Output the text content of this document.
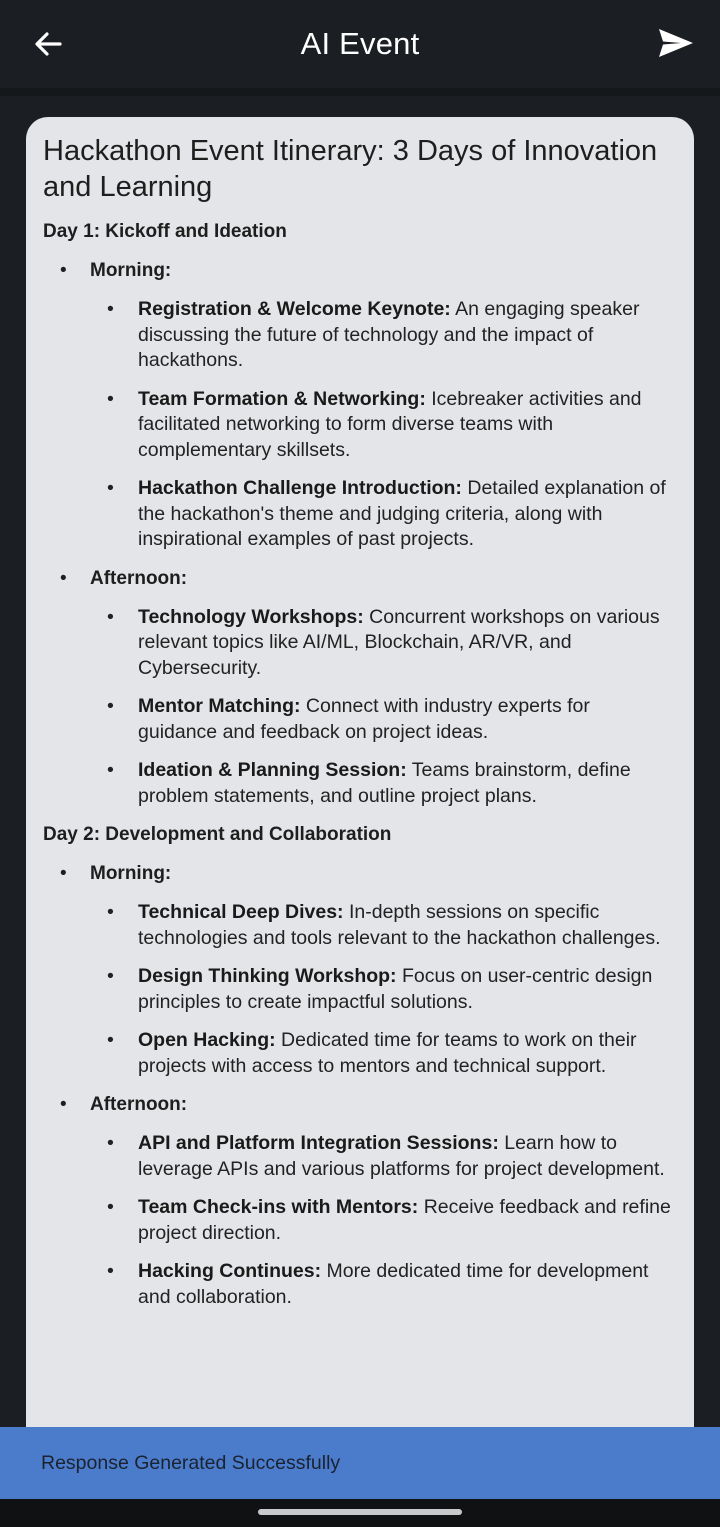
AI Event
Hackathon Event Itinerary: 3 Days of Innovation and Learning
Day 1: Kickoff and Ideation
• Morning:
• Registration & Welcome Keynote: An engaging speaker discussing the future of technology and the impact of hackathons.
• Team Formation & Networking: Icebreaker activities and facilitated networking to form diverse teams with complementary skillsets.
• Hackathon Challenge Introduction: Detailed explanation of the hackathon's theme and judging criteria, along with inspirational examples of past projects.
• Afternoon:
• Technology Workshops: Concurrent workshops on various relevant topics like AI/ML, Blockchain, AR/VR, and Cybersecurity.
• Mentor Matching: Connect with industry experts for guidance and feedback on project ideas.
• Ideation & Planning Session: Teams brainstorm, define problem statements, and outline project plans.
Day 2: Development and Collaboration
• Morning:
• Technical Deep Dives: In-depth sessions on specific technologies and tools relevant to the hackathon challenges.
• Design Thinking Workshop: Focus on user-centric design principles to create impactful solutions.
• Open Hacking: Dedicated time for teams to work on their projects with access to mentors and technical support.
• Afternoon:
• API and Platform Integration Sessions: Learn how to leverage APIs and various platforms for project development.
• Team Check-ins with Mentors: Receive feedback and refine project direction.
• Hacking Continues: More dedicated time for development and collaboration.
Response Generated Successfully
